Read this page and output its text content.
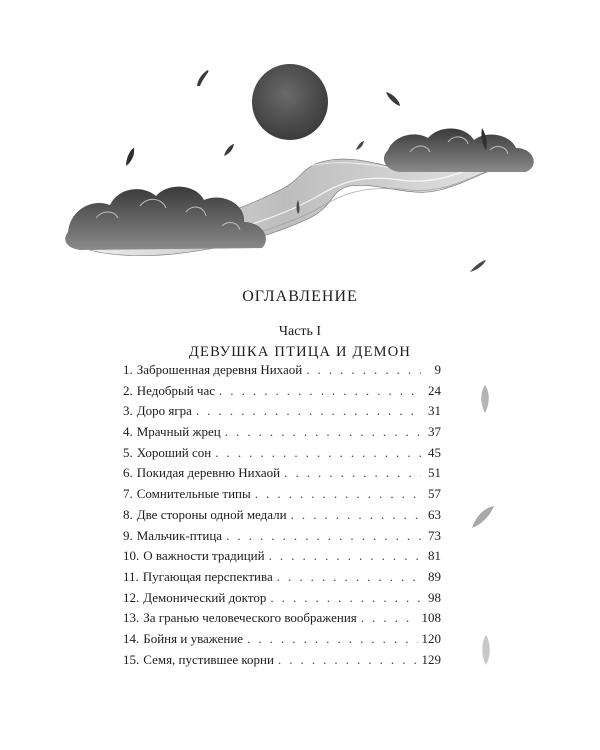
ОГЛАВЛЕНИЕ
Часть I
ДЕВУШКА ПТИЦА И ДЕМОН
1. Заброшенная деревня Нихаой . . .	9
2. Недобрый час . . .	24
3. Доро ягра . . .	31
4. Мрачный жрец . . .	37
5. Хороший сон . . .	45
6. Покидая деревню Нихаой . . .	51
7. Сомнительные типы . . .	57
8. Две стороны одной медали . . .	63
9. Мальчик-птица . . .	73
10. О важности традиций . . .	81
11. Пугающая перспектива . . .	89
12. Демонический доктор . . .	98
13. За гранью человеческого воображения . . .	108
14. Бойня и уважение . . .	120
15. Семя, пустившее корни . . .	129
